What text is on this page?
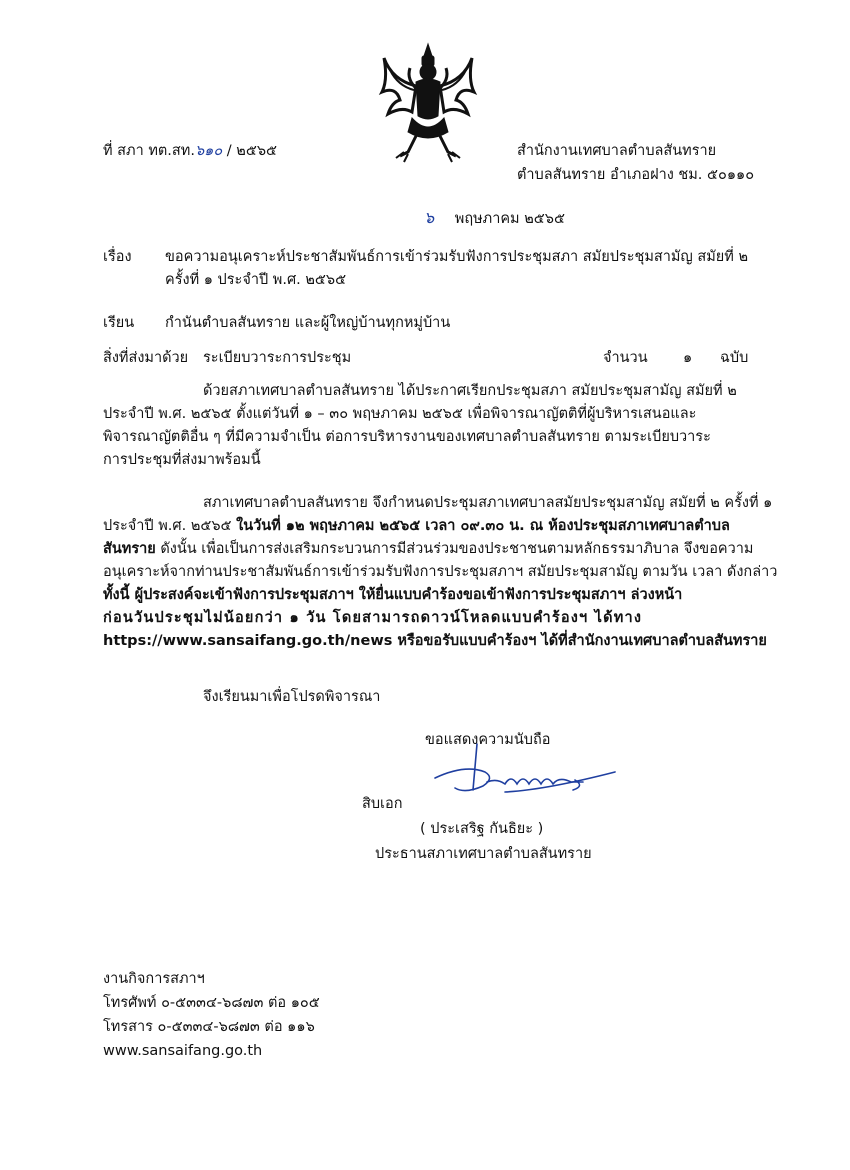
ที่ สภา ทต.สท.๖๑๐ / ๒๕๖๕	สำนักงานเทศบาลตำบลสันทราย
ตำบลสันทราย อำเภอฝาง ชม. ๕๐๑๑๐
๖ พฤษภาคม ๒๕๖๕
เรื่อง ขอความอนุเคราะห์ประชาสัมพันธ์การเข้าร่วมรับฟังการประชุมสภา สมัยประชุมสามัญ สมัยที่ ๒
ครั้งที่ ๑ ประจำปี พ.ศ. ๒๕๖๕
เรียน กำนันตำบลสันทราย และผู้ใหญ่บ้านทุกหมู่บ้าน
สิ่งที่ส่งมาด้วย ระเบียบวาระการประชุม	จำนวน ๑ ฉบับ
ด้วยสภาเทศบาลตำบลสันทราย ได้ประกาศเรียกประชุมสภา สมัยประชุมสามัญ สมัยที่ ๒
ประจำปี พ.ศ. ๒๕๖๕ ตั้งแต่วันที่ ๑ – ๓๐ พฤษภาคม ๒๕๖๕ เพื่อพิจารณาญัตติที่ผู้บริหารเสนอและ
พิจารณาญัตติอื่น ๆ ที่มีความจำเป็น ต่อการบริหารงานของเทศบาลตำบลสันทราย ตามระเบียบวาระ
การประชุมที่ส่งมาพร้อมนี้
สภาเทศบาลตำบลสันทราย จึงกำหนดประชุมสภาเทศบาลสมัยประชุมสามัญ สมัยที่ ๒ ครั้งที่ ๑
ประจำปี พ.ศ. ๒๕๖๕ ในวันที่ ๑๒ พฤษภาคม ๒๕๖๕ เวลา ๐๙.๓๐ น. ณ ห้องประชุมสภาเทศบาลตำบล
สันทราย ดังนั้น เพื่อเป็นการส่งเสริมกระบวนการมีส่วนร่วมของประชาชนตามหลักธรรมาภิบาล จึงขอความ
อนุเคราะห์จากท่านประชาสัมพันธ์การเข้าร่วมรับฟังการประชุมสภาฯ สมัยประชุมสามัญ ตามวัน เวลา ดังกล่าว
ทั้งนี้ ผู้ประสงค์จะเข้าฟังการประชุมสภาฯ ให้ยื่นแบบคำร้องขอเข้าฟังการประชุมสภาฯ ล่วงหน้า
ก่อนวันประชุมไม่น้อยกว่า ๑ วัน โดยสามารถดาวน์โหลดแบบคำร้องฯ ได้ทาง
https://www.sansaifang.go.th/news หรือขอรับแบบคำร้องฯ ได้ที่สำนักงานเทศบาลตำบลสันทราย
จึงเรียนมาเพื่อโปรดพิจารณา
ขอแสดงความนับถือ
สิบเอก
( ประเสริฐ กันธิยะ )
ประธานสภาเทศบาลตำบลสันทราย
งานกิจการสภาฯ
โทรศัพท์ ๐-๕๓๓๔-๖๘๗๓ ต่อ ๑๐๕
โทรสาร ๐-๕๓๓๔-๖๘๗๓ ต่อ ๑๑๖
www.sansaifang.go.th
